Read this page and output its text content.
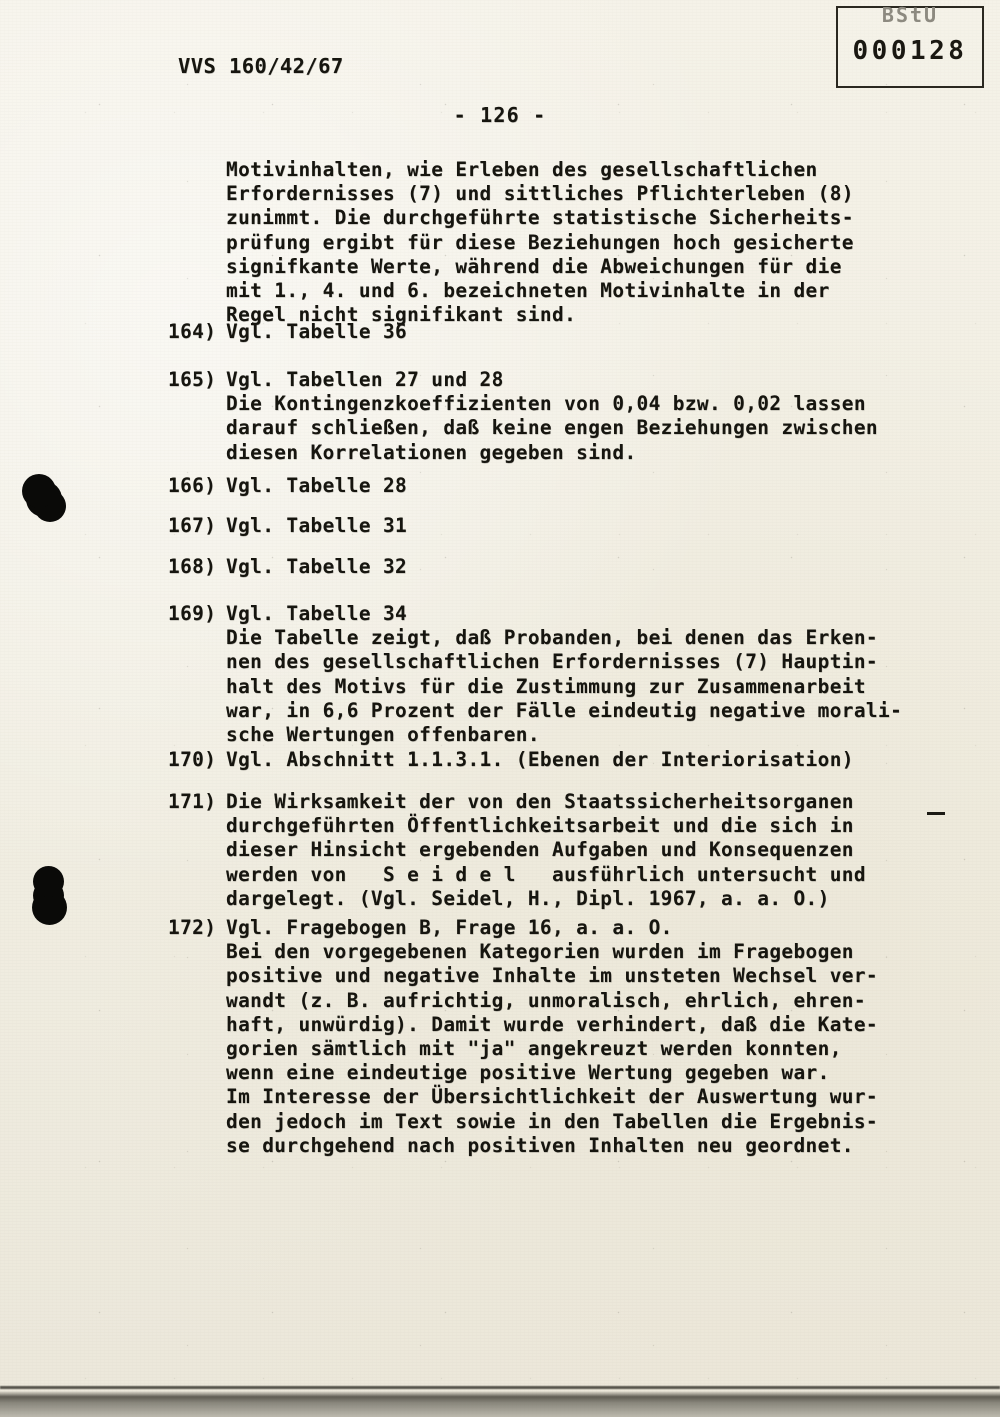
VVS 160/42/67
BStU
000128
- 126 -
Motivinhalten, wie Erleben des gesellschaftlichen
Erfordernisses (7) und sittliches Pflichterleben (8)
zunimmt. Die durchgeführte statistische Sicherheits-
prüfung ergibt für diese Beziehungen hoch gesicherte
signifkante Werte, während die Abweichungen für die
mit 1., 4. und 6. bezeichneten Motivinhalte in der
Regel nicht signifikant sind.
164) Vgl. Tabelle 36
165) Vgl. Tabellen 27 und 28
Die Kontingenzkoeffizienten von 0,04 bzw. 0,02 lassen
darauf schließen, daß keine engen Beziehungen zwischen
diesen Korrelationen gegeben sind.
166) Vgl. Tabelle 28
167) Vgl. Tabelle 31
168) Vgl. Tabelle 32
169) Vgl. Tabelle 34
Die Tabelle zeigt, daß Probanden, bei denen das Erken-
nen des gesellschaftlichen Erfordernisses (7) Hauptin-
halt des Motivs für die Zustimmung zur Zusammenarbeit
war, in 6,6 Prozent der Fälle eindeutig negative morali-
sche Wertungen offenbaren.
170) Vgl. Abschnitt 1.1.3.1. (Ebenen der Interiorisation)
171) Die Wirksamkeit der von den Staatssicherheitsorganen
durchgeführten Öffentlichkeitsarbeit und die sich in
dieser Hinsicht ergebenden Aufgaben und Konsequenzen
werden von   S e i d e l   ausführlich untersucht und
dargelegt. (Vgl. Seidel, H., Dipl. 1967, a. a. O.)
172) Vgl. Fragebogen B, Frage 16, a. a. O.
Bei den vorgegebenen Kategorien wurden im Fragebogen
positive und negative Inhalte im unsteten Wechsel ver-
wandt (z. B. aufrichtig, unmoralisch, ehrlich, ehren-
haft, unwürdig). Damit wurde verhindert, daß die Kate-
gorien sämtlich mit "ja" angekreuzt werden konnten,
wenn eine eindeutige positive Wertung gegeben war.
Im Interesse der Übersichtlichkeit der Auswertung wur-
den jedoch im Text sowie in den Tabellen die Ergebnis-
se durchgehend nach positiven Inhalten neu geordnet.
